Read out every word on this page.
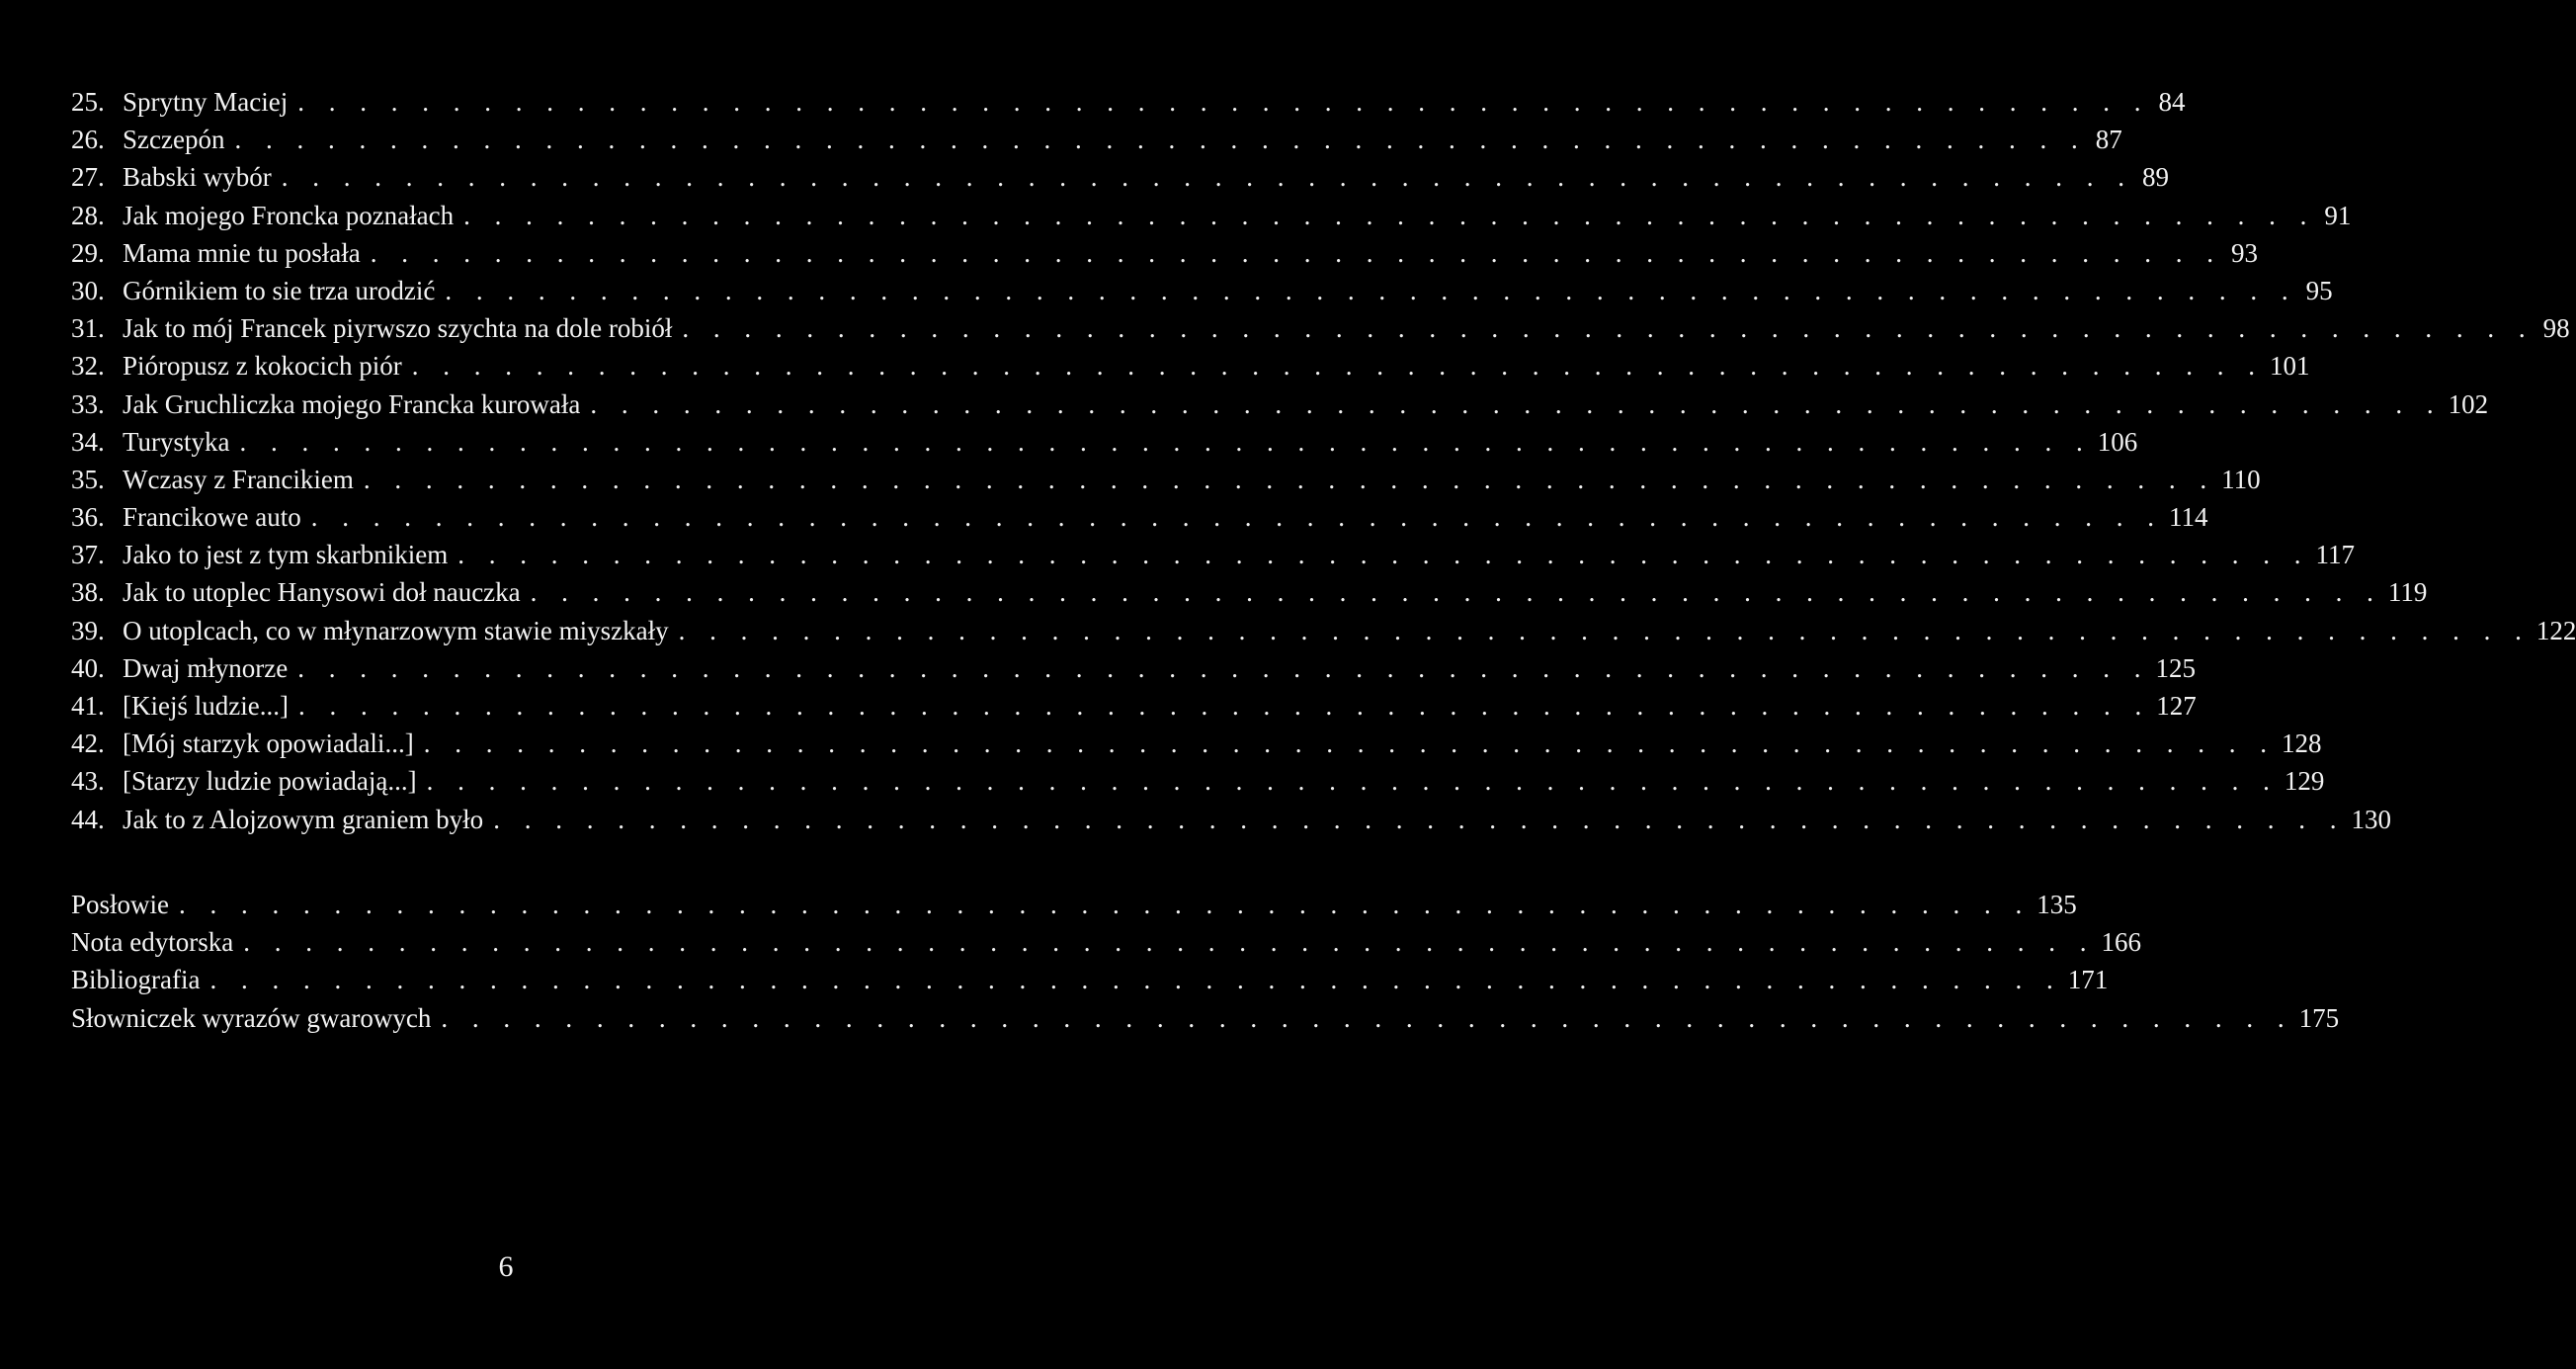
25. Sprytny Maciej . . .	84
26. Szczepón . . .	87
27. Babski wybór . . .	89
28. Jak mojego Froncka poznałach . . .	91
29. Mama mnie tu posłała . . .	93
30. Górnikiem to sie trza urodzić . . .	95
31. Jak to mój Francek piyrwszo szychta na dole robiół . . .	98
32. Pióropusz z kokocich piór . . .	101
33. Jak Gruchliczka mojego Francka kurowała . . .	102
34. Turystyka . . .	106
35. Wczasy z Francikiem . . .	110
36. Francikowe auto . . .	114
37. Jako to jest z tym skarbnikiem . . .	117
38. Jak to utoplec Hanysowi doł nauczka . . .	119
39. O utoplcach, co w młynarzowym stawie miyszkały . . .	122
40. Dwaj młynorze . . .	125
41. [Kiejś ludzie...] . . .	127
42. [Mój starzyk opowiadali...] . . .	128
43. [Starzy ludzie powiadają...] . . .	129
44. Jak to z Alojzowym graniem było . . .	130
Posłowie . . .	135
Nota edytorska . . .	166
Bibliografia . . .	171
Słowniczek wyrazów gwarowych . . .	175
6
